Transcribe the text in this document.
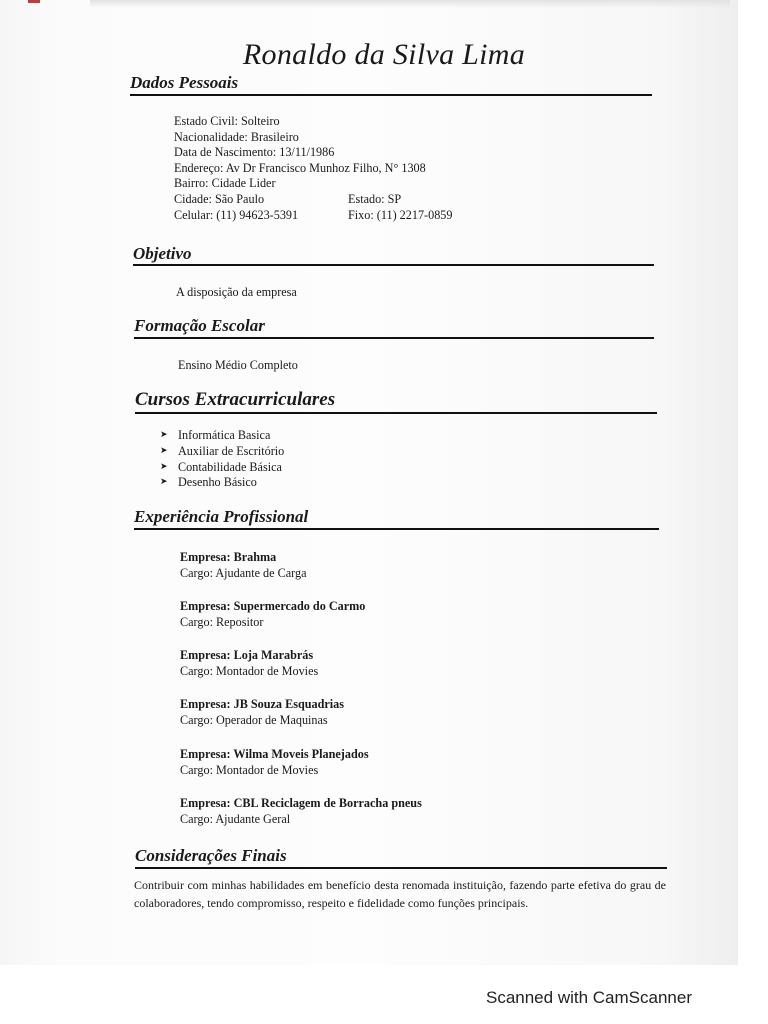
Ronaldo da Silva Lima
Dados Pessoais
Estado Civil: Solteiro
Nacionalidade: Brasileiro
Data de Nascimento: 13/11/1986
Endereço: Av Dr Francisco Munhoz Filho, N° 1308
Bairro: Cidade Lider
Cidade: São Paulo	Estado: SP
Celular: (11) 94623-5391	Fixo: (11) 2217-0859
Objetivo
A disposição da empresa
Formação Escolar
Ensino Médio Completo
Cursos Extracurriculares
➤ Informática Basica
➤ Auxiliar de Escritório
➤ Contabilidade Básica
➤ Desenho Básico
Experiência Profissional
Empresa: Brahma
Cargo: Ajudante de Carga
Empresa: Supermercado do Carmo
Cargo: Repositor
Empresa: Loja Marabrás
Cargo: Montador de Movies
Empresa: JB Souza Esquadrias
Cargo: Operador de Maquinas
Empresa: Wilma Moveis Planejados
Cargo: Montador de Movies
Empresa: CBL Reciclagem de Borracha pneus
Cargo: Ajudante Geral
Considerações Finais
Contribuir com minhas habilidades em benefício desta renomada instituição, fazendo parte efetiva do grau de colaboradores, tendo compromisso, respeito e fidelidade como funções principais.
Scanned with CamScanner
